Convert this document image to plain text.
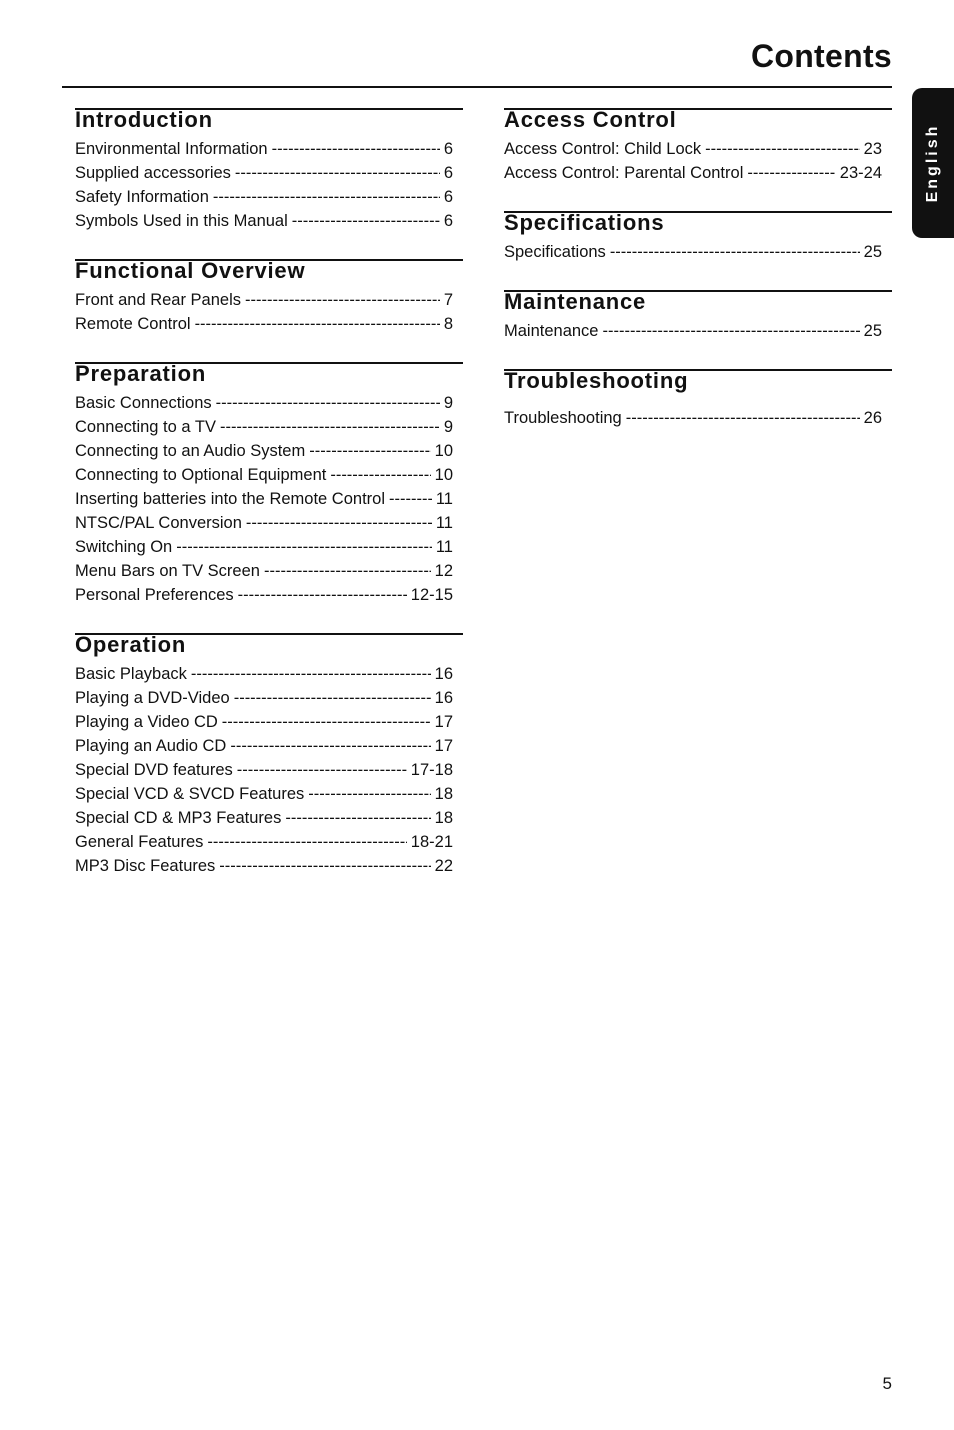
Contents
English
Introduction
Environmental Information -----	6
Supplied accessories -----	6
Safety Information -----	6
Symbols Used in this Manual -----	6
Functional Overview
Front and Rear Panels -----	7
Remote Control -----	8
Preparation
Basic Connections -----	9
Connecting to a TV -----	9
Connecting to an Audio System -----	10
Connecting to Optional Equipment -----	10
Inserting batteries into the Remote Control -----	11
NTSC/PAL Conversion -----	11
Switching On -----	11
Menu Bars on TV Screen -----	12
Personal Preferences -----	12-15
Operation
Basic Playback -----	16
Playing a DVD-Video -----	16
Playing a Video CD -----	17
Playing an Audio CD -----	17
Special DVD features -----	17-18
Special VCD & SVCD Features -----	18
Special CD & MP3 Features -----	18
General Features -----	18-21
MP3 Disc Features -----	22
Access Control
Access Control: Child Lock -----	23
Access Control: Parental Control -----	23-24
Specifications
Specifications -----	25
Maintenance
Maintenance -----	25
Troubleshooting
Troubleshooting -----	26
5
